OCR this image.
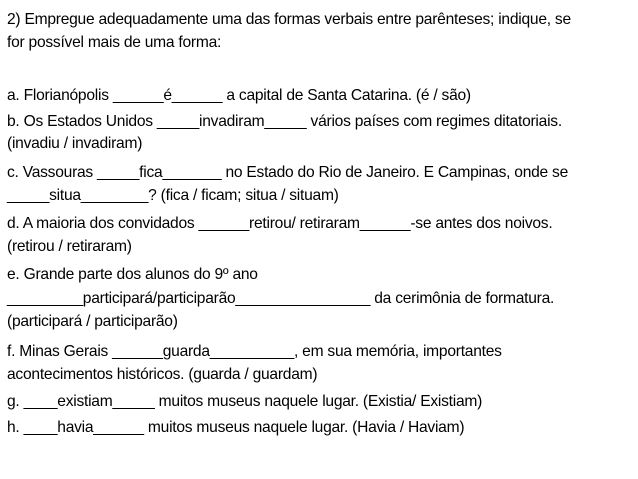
2) Empregue adequadamente uma das formas verbais entre parênteses; indique, se
for possível mais de uma forma:
a. Florianópolis ______é______ a capital de Santa Catarina. (é / são)
b. Os Estados Unidos _____invadiram_____ vários países com regimes ditatoriais.
(invadiu / invadiram)
c. Vassouras _____fica_______ no Estado do Rio de Janeiro. E Campinas, onde se
_____situa________? (fica / ficam; situa / situam)
d. A maioria dos convidados ______retirou/ retiraram______-se antes dos noivos.
(retirou / retiraram)
e. Grande parte dos alunos do 9º ano
_________participará/participarão________________ da cerimônia de formatura.
(participará / participarão)
f. Minas Gerais ______guarda__________, em sua memória, importantes
acontecimentos históricos. (guarda / guardam)
g. ____existiam_____ muitos museus naquele lugar. (Existia/ Existiam)
h. ____havia______ muitos museus naquele lugar. (Havia / Haviam)
